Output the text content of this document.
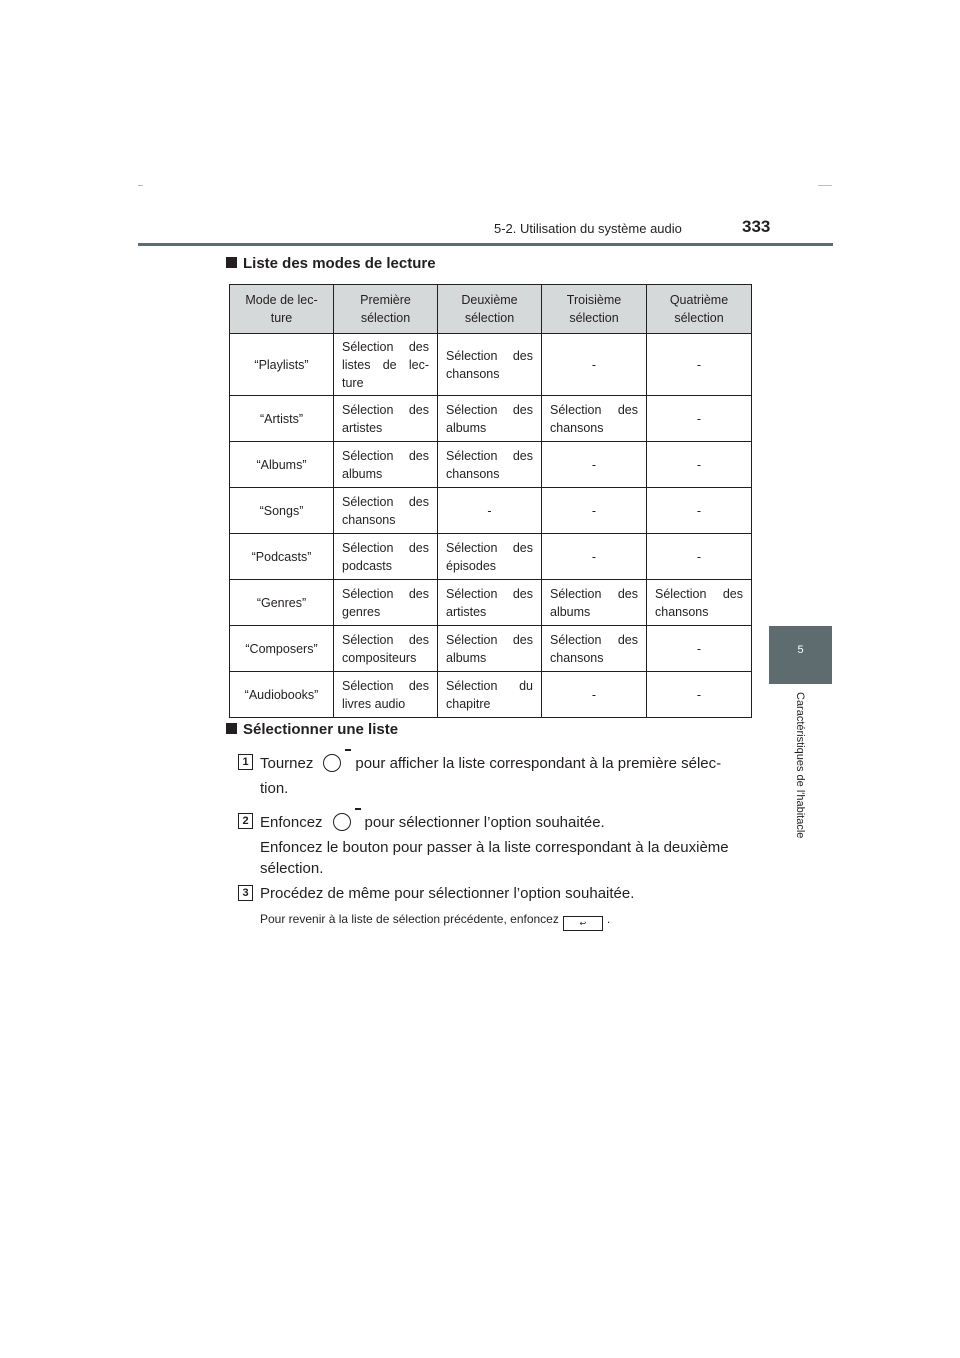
5-2. Utilisation du système audio	333
5
Caractéristiques de l'habitacle
Liste des modes de lecture
Mode de lec-ture	Première sélection	Deuxième sélection	Troisième sélection	Quatrième sélection
“Playlists”	Sélection des listes de lec-ture	Sélection des chansons	-	-
“Artists”	Sélection des artistes	Sélection des albums	Sélection des chansons	-
“Albums”	Sélection des albums	Sélection des chansons	-	-
“Songs”	Sélection des chansons	-	-	-
“Podcasts”	Sélection des podcasts	Sélection des épisodes	-	-
“Genres”	Sélection des genres	Sélection des artistes	Sélection des albums	Sélection des chansons
“Composers”	Sélection des compositeurs	Sélection des albums	Sélection des chansons	-
“Audiobooks”	Sélection des livres audio	Sélection du chapitre	-	-
Sélectionner une liste
1 Tournez	pour afficher la liste correspondant à la première sélec-
tion.
2 Enfoncez	pour sélectionner l’option souhaitée.
Enfoncez le bouton pour passer à la liste correspondant à la deuxième
sélection.
3 Procédez de même pour sélectionner l’option souhaitée.
Pour revenir à la liste de sélection précédente, enfoncez	↩ .
